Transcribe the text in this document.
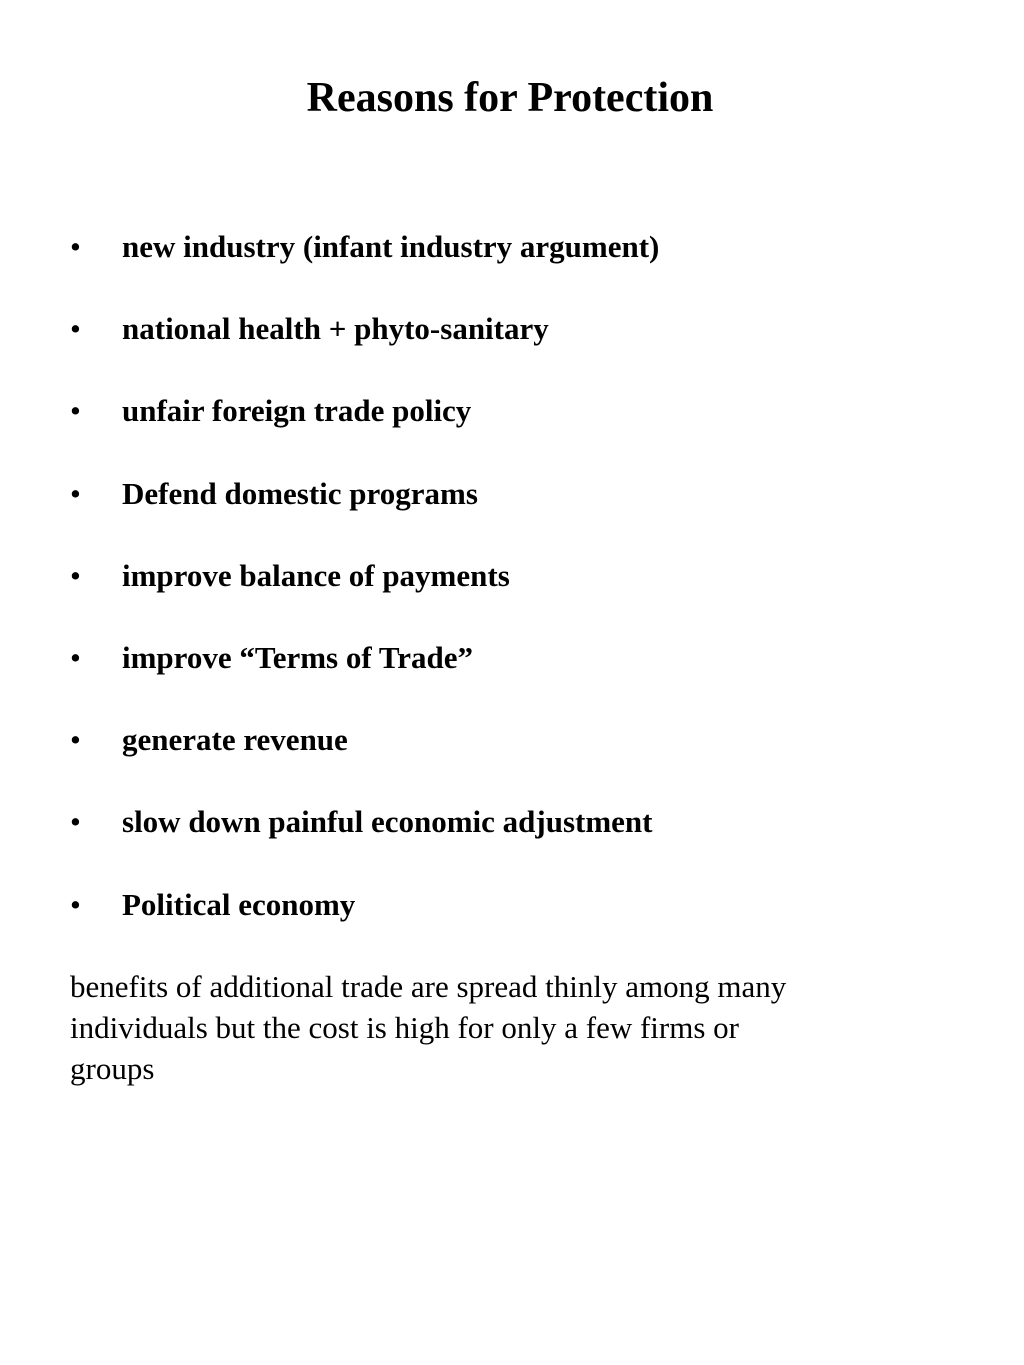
Reasons for Protection
• new industry (infant industry argument)
• national health + phyto-sanitary
• unfair foreign trade policy
• Defend domestic programs
• improve balance of payments
• improve “Terms of Trade”
• generate revenue
• slow down painful economic adjustment
• Political economy

benefits of additional trade are spread thinly among many individuals but the cost is high for only a few firms or groups
